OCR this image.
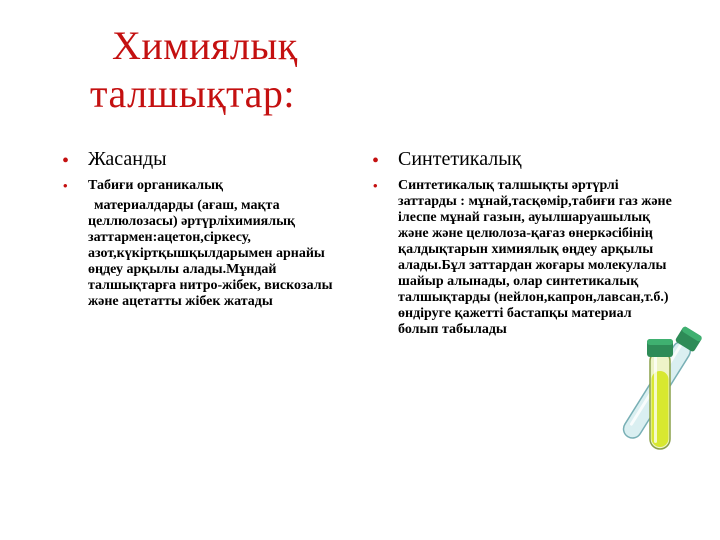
Химиялық
талшықтар:
• Жасанды
• Табиғи органикалық

материалдарды (ағаш, мақта целлюлозасы) әртүрліхимиялық заттармен:ацетон,сіркесу, азот,күкіртқышқылдарымен арнайы өңдеу арқылы алады.Мұндай талшықтарға нитро-жібек, вискозалы және ацетатты жібек жатады

• Синтетикалық
• Синтетикалық талшықты әртүрлі заттарды : мұнай,тасқөмір,табиғи газ және ілеспе мұнай газын, ауылшаруашылық және және целюлоза-қағаз өнеркәсібінің қалдықтарын химиялық өңдеу арқылы алады.Бұл заттардан жоғары молекулалы шайыр алынады, олар синтетикалық талшықтарды (нейлон,капрон,лавсан,т.б.) өндіруге қажетті бастапқы материал болып табылады
